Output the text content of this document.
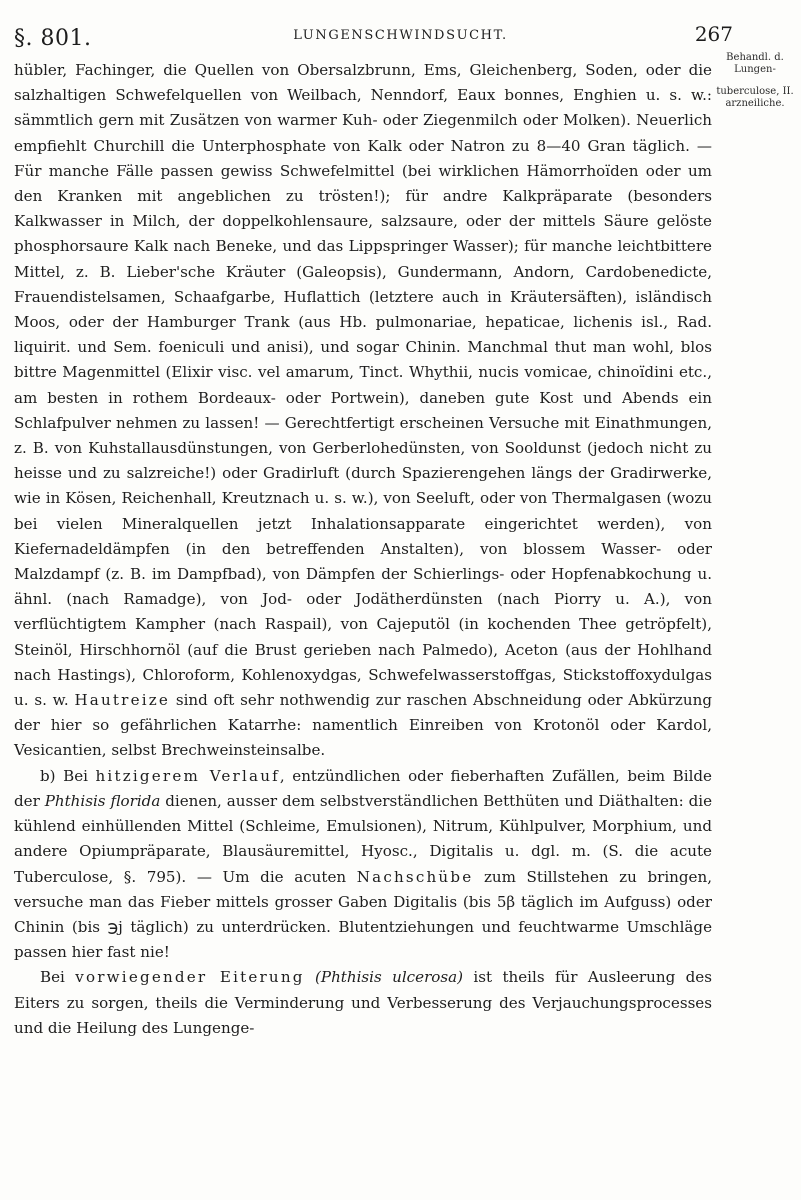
§. 801.	LUNGENSCHWINDSUCHT.	267
Behandl. d. Lungen-
tuberculose, II. arzneiliche.

hübler, Fachinger, die Quellen von Obersalzbrunn, Ems, Gleichenberg, Soden, oder die salzhaltigen Schwefelquellen von Weilbach, Nenndorf, Eaux bonnes, Enghien u. s. w.: sämmtlich gern mit Zusätzen von warmer Kuh- oder Ziegenmilch oder Molken). Neuerlich empfiehlt Churchill die Unterphosphate von Kalk oder Natron zu 8—40 Gran täglich. — Für manche Fälle passen gewiss Schwefelmittel (bei wirklichen Hämorrhoïden oder um den Kranken mit angeblichen zu trösten!); für andre Kalkpräparate (besonders Kalkwasser in Milch, der doppelkohlensaure, salzsaure, oder der mittels Säure gelöste phosphorsaure Kalk nach Beneke, und das Lippspringer Wasser); für manche leichtbittere Mittel, z. B. Lieber'sche Kräuter (Galeopsis), Gundermann, Andorn, Cardobenedicte, Frauendistelsamen, Schaafgarbe, Huflattich (letztere auch in Kräutersäften), isländisch Moos, oder der Hamburger Trank (aus Hb. pulmonariae, hepaticae, lichenis isl., Rad. liquirit. und Sem. foeniculi und anisi), und sogar Chinin. Manchmal thut man wohl, blos bittre Magenmittel (Elixir visc. vel amarum, Tinct. Whythii, nucis vomicae, chinoïdini etc., am besten in rothem Bordeaux- oder Portwein), daneben gute Kost und Abends ein Schlafpulver nehmen zu lassen! — Gerechtfertigt erscheinen Versuche mit Einathmungen, z. B. von Kuhstallausdünstungen, von Gerberlohedünsten, von Sooldunst (jedoch nicht zu heisse und zu salzreiche!) oder Gradirluft (durch Spazierengehen längs der Gradirwerke, wie in Kösen, Reichenhall, Kreutznach u. s. w.), von Seeluft, oder von Thermalgasen (wozu bei vielen Mineralquellen jetzt Inhalationsapparate eingerichtet werden), von Kiefernadeldämpfen (in den betreffenden Anstalten), von blossem Wasser- oder Malzdampf (z. B. im Dampfbad), von Dämpfen der Schierlings- oder Hopfenabkochung u. ähnl. (nach Ramadge), von Jod- oder Jodätherdünsten (nach Piorry u. A.), von verflüchtigtem Kampher (nach Raspail), von Cajeputöl (in kochenden Thee getröpfelt), Steinöl, Hirschhornöl (auf die Brust gerieben nach Palmedo), Aceton (aus der Hohlhand nach Hastings), Chloroform, Kohlenoxydgas, Schwefelwasserstoffgas, Stickstoffoxydulgas u. s. w. Hautreize sind oft sehr nothwendig zur raschen Abschneidung oder Abkürzung der hier so gefährlichen Katarrhe: namentlich Einreiben von Krotonöl oder Kardol, Vesicantien, selbst Brechweinsteinsalbe.

b) Bei hitzigerem Verlauf, entzündlichen oder fieberhaften Zufällen, beim Bilde der Phthisis florida dienen, ausser dem selbstverständlichen Betthüten und Diäthalten: die kühlend einhüllenden Mittel (Schleime, Emulsionen), Nitrum, Kühlpulver, Morphium, und andere Opiumpräparate, Blausäuremittel, Hyosc., Digitalis u. dgl. m. (S. die acute Tuberculose, §. 795). — Um die acuten Nachschübe zum Stillstehen zu bringen, versuche man das Fieber mittels grosser Gaben Digitalis (bis 5β täglich im Aufguss) oder Chinin (bis ℈j täglich) zu unterdrücken. Blutentziehungen und feuchtwarme Umschläge passen hier fast nie!

Bei vorwiegender Eiterung (Phthisis ulcerosa) ist theils für Ausleerung des Eiters zu sorgen, theils die Verminderung und Verbesserung des Verjauchungsprocesses und die Heilung des Lungenge-
